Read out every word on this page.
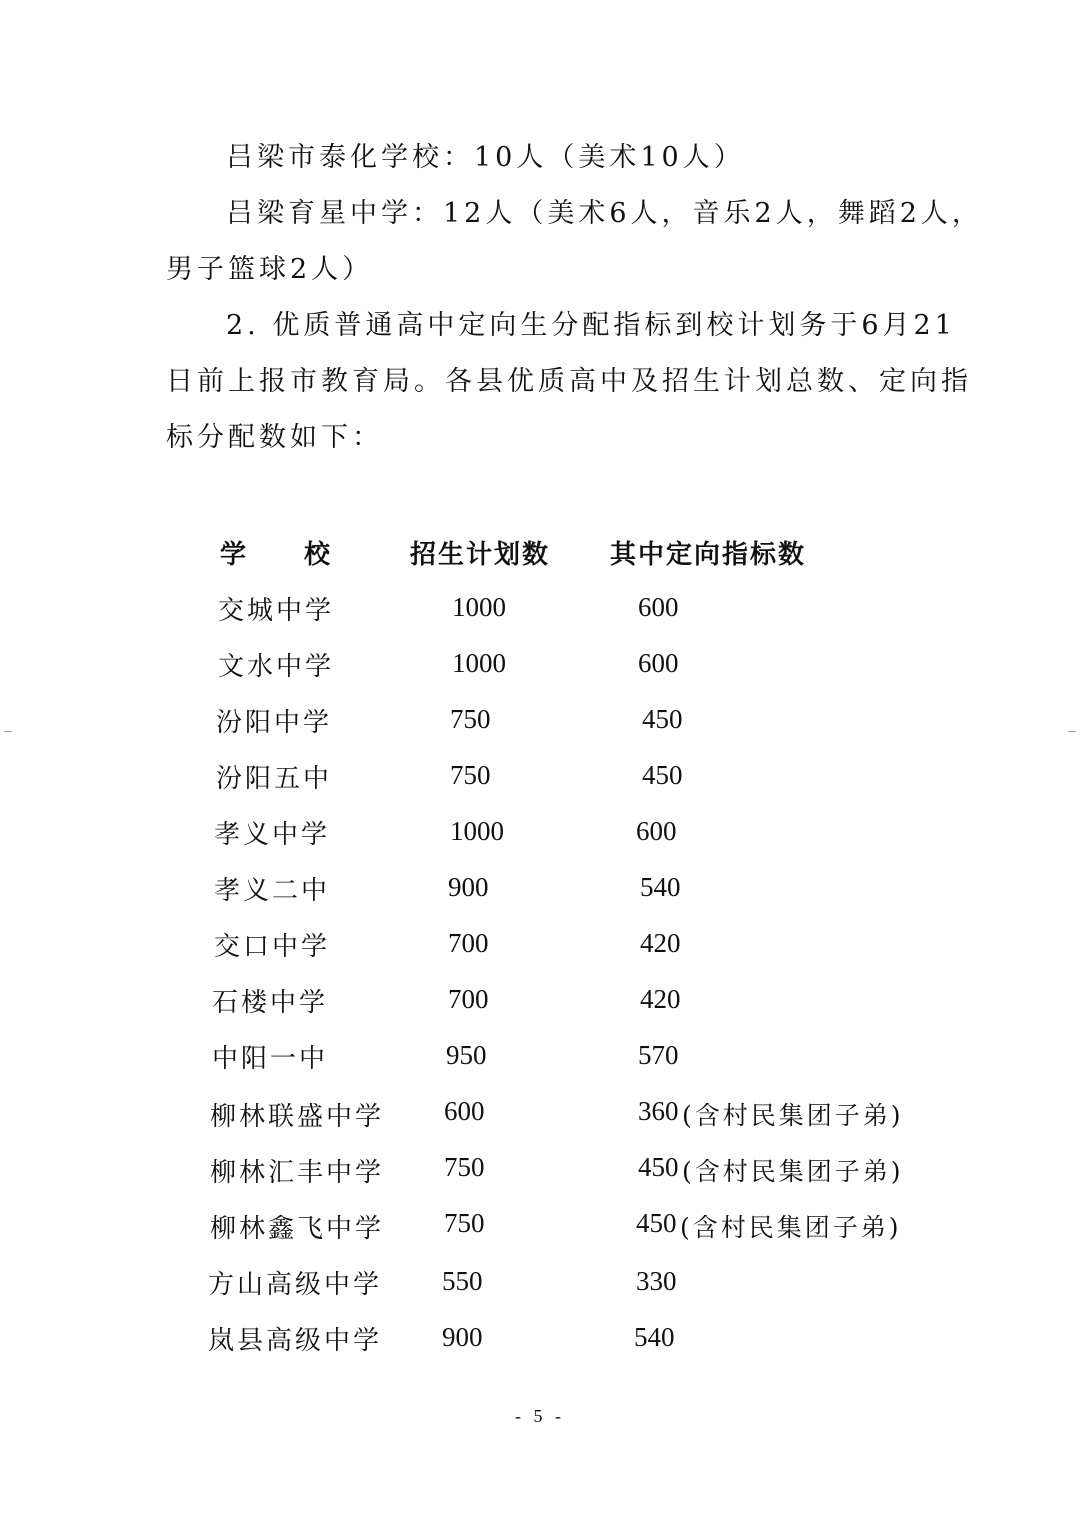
吕梁市泰化学校：10人（美术10人）

吕梁育星中学：12人（美术6人，音乐2人，舞蹈2人，

男子篮球2人）

2. 优质普通高中定向生分配指标到校计划务于6月21

日前上报市教育局。各县优质高中及招生计划总数、定向指

标分配数如下：

学　　校	招生计划数 其中定向指标数
交城中学	1000	600
文水中学	1000	600
汾阳中学	750	450
汾阳五中	750	450
孝义中学	1000	600
孝义二中	900	540
交口中学	700	420
石楼中学	700	420
中阳一中	950	570
柳林联盛中学 600	360 (含村民集团子弟)
柳林汇丰中学 750	450 (含村民集团子弟)
柳林鑫飞中学 750	450 (含村民集团子弟)
方山高级中学 550	330
岚县高级中学 900	540
- 5 -
